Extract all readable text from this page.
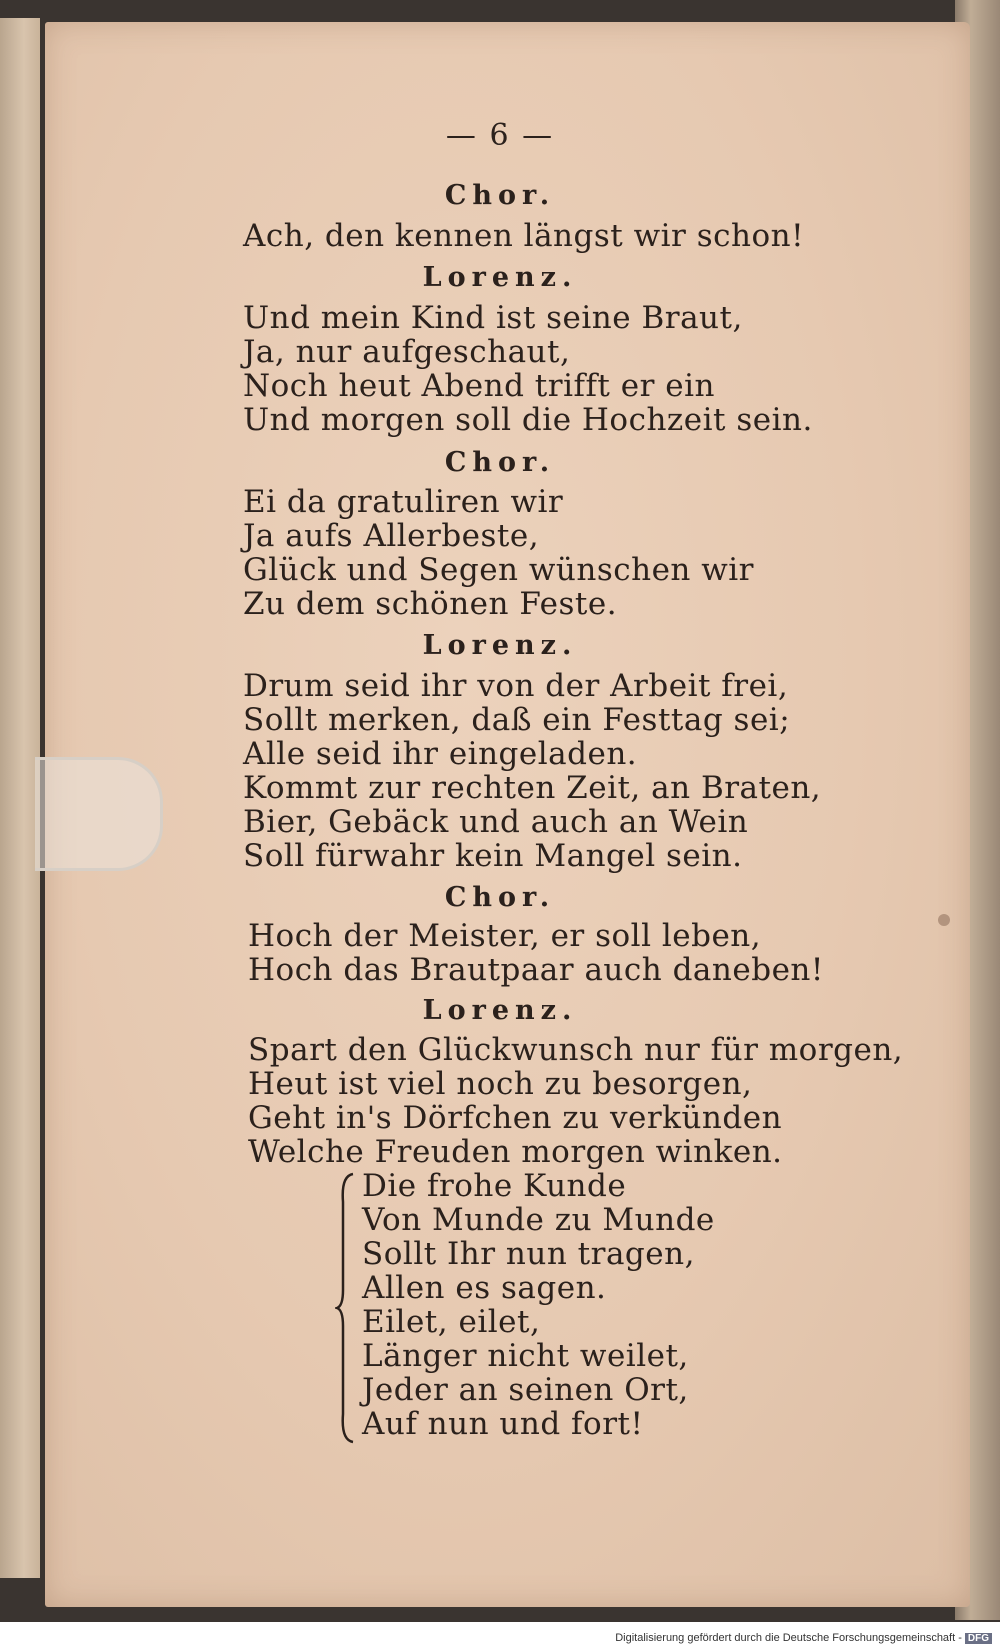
— 6 —
Chor.
Ach, den kennen längst wir schon!
Lorenz.
Und mein Kind ist seine Braut,
Ja, nur aufgeschaut,
Noch heut Abend trifft er ein
Und morgen soll die Hochzeit sein.
Chor.
Ei da gratuliren wir
Ja aufs Allerbeste,
Glück und Segen wünschen wir
Zu dem schönen Feste.
Lorenz.
Drum seid ihr von der Arbeit frei,
Sollt merken, daß ein Festtag sei;
Alle seid ihr eingeladen.
Kommt zur rechten Zeit, an Braten,
Bier, Gebäck und auch an Wein
Soll fürwahr kein Mangel sein.
Chor.
Hoch der Meister, er soll leben,
Hoch das Brautpaar auch daneben!
Lorenz.
Spart den Glückwunsch nur für morgen,
Heut ist viel noch zu besorgen,
Geht in's Dörfchen zu verkünden
Welche Freuden morgen winken.
Die frohe Kunde
Von Munde zu Munde
Sollt Ihr nun tragen,
Allen es sagen.
Eilet, eilet,
Länger nicht weilet,
Jeder an seinen Ort,
Auf nun und fort!
Digitalisierung gefördert durch die Deutsche Forschungsgemeinschaft - DFG
